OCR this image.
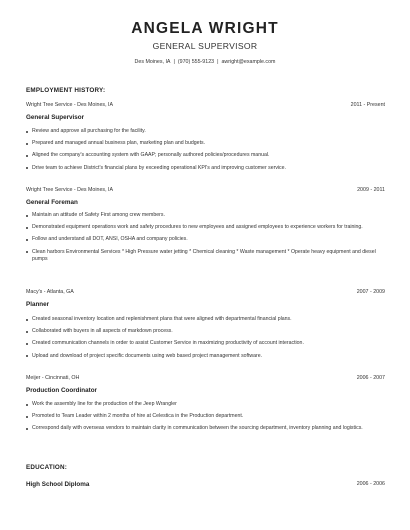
ANGELA WRIGHT
GENERAL SUPERVISOR
Des Moines, IA | (970) 555-9123 | awright@example.com
EMPLOYMENT HISTORY:
Wright Tree Service - Des Moines, IA	2011 - Present
General Supervisor
Review and approve all purchasing for the facility.
Prepared and managed annual business plan, marketing plan and budgets.
Aligned the company's accounting system with GAAP; personally authored policies/procedures manual.
Drive team to achieve District's financial plans by exceeding operational KPI's and improving customer service.
Wright Tree Service - Des Moines, IA	2009 - 2011
General Foreman
Maintain an attitude of Safety First among crew members.
Demonstrated equipment operations work and safety procedures to new employees and assigned employees to experience workers for training.
Follow and understand all DOT, ANSI, OSHA and company policies.
Clean harbors Environmental Services * High Pressure water jetting * Chemical cleaning * Waste management * Operate heavy equipment and diesel pumps
Macy's - Atlanta, GA	2007 - 2009
Planner
Created seasonal inventory location and replenishment plans that were aligned with departmental financial plans.
Collaborated with buyers in all aspects of markdown process.
Created communication channels in order to assist Customer Service in maximizing productivity of account interaction.
Upload and download of project specific documents using web based project management software.
Meijer - Cincinnati, OH	2006 - 2007
Production Coordinator
Work the assembly line for the production of the Jeep Wrangler
Promoted to Team Leader within 2 months of hire at Celestica in the Production department.
Correspond daily with overseas vendors to maintain clarity in communication between the sourcing department, inventory planning and logistics.
EDUCATION:
High School Diploma	2006 - 2006
